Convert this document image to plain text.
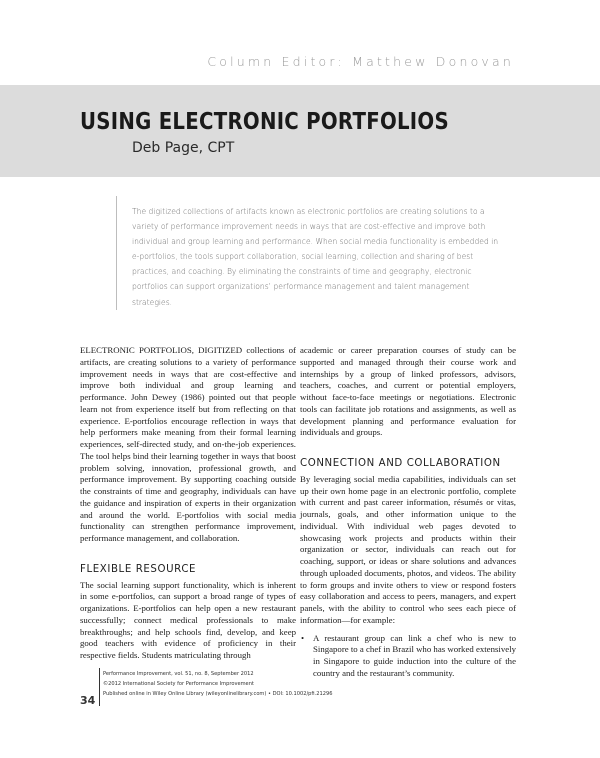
Column Editor: Matthew Donovan
USING ELECTRONIC PORTFOLIOS
Deb Page, CPT
The digitized collections of artifacts known as electronic portfolios are creating solutions to a variety of performance improvement needs in ways that are cost-effective and improve both individual and group learning and performance. When social media functionality is embedded in e-portfolios, the tools support collaboration, social learning, collection and sharing of best practices, and coaching. By eliminating the constraints of time and geography, electronic portfolios can support organizations’ performance management and talent management strategies.

ELECTRONIC PORTFOLIOS, DIGITIZED collections of artifacts, are creating solutions to a variety of performance improvement needs in ways that are cost-effective and improve both individual and group learning and performance. John Dewey (1986) pointed out that people learn not from experience itself but from reflecting on that experience. E-portfolios encourage reflection in ways that help performers make meaning from their formal learning experiences, self-directed study, and on-the-job experiences. The tool helps bind their learning together in ways that boost problem solving, innovation, professional growth, and performance improvement. By supporting coaching outside the constraints of time and geography, individuals can have the guidance and inspiration of experts in their organization and around the world. E-portfolios with social media functionality can strengthen performance improvement, performance management, and collaboration.

FLEXIBLE RESOURCE

The social learning support functionality, which is inherent in some e-portfolios, can support a broad range of types of organizations. E-portfolios can help open a new restaurant successfully; connect medical professionals to make breakthroughs; and help schools find, develop, and keep good teachers with evidence of proficiency in their respective fields. Students matriculating through

academic or career preparation courses of study can be supported and managed through their course work and internships by a group of linked professors, advisors, teachers, coaches, and current or potential employers, without face-to-face meetings or negotiations. Electronic tools can facilitate job rotations and assignments, as well as development planning and performance evaluation for individuals and groups.

CONNECTION AND COLLABORATION

By leveraging social media capabilities, individuals can set up their own home page in an electronic portfolio, complete with current and past career information, résumés or vitas, journals, goals, and other information unique to the individual. With individual web pages devoted to showcasing work projects and products within their organization or sector, individuals can reach out for coaching, support, or ideas or share solutions and advances through uploaded documents, photos, and videos. The ability to form groups and invite others to view or respond fosters easy collaboration and access to peers, managers, and expert panels, with the ability to control who sees each piece of information—for example:

• A restaurant group can link a chef who is new to Singapore to a chef in Brazil who has worked extensively in Singapore to guide induction into the culture of the country and the restaurant’s community.
34
Performance Improvement, vol. 51, no. 8, September 2012
©2012 International Society for Performance Improvement
Published online in Wiley Online Library (wileyonlinelibrary.com) • DOI: 10.1002/pfi.21296
